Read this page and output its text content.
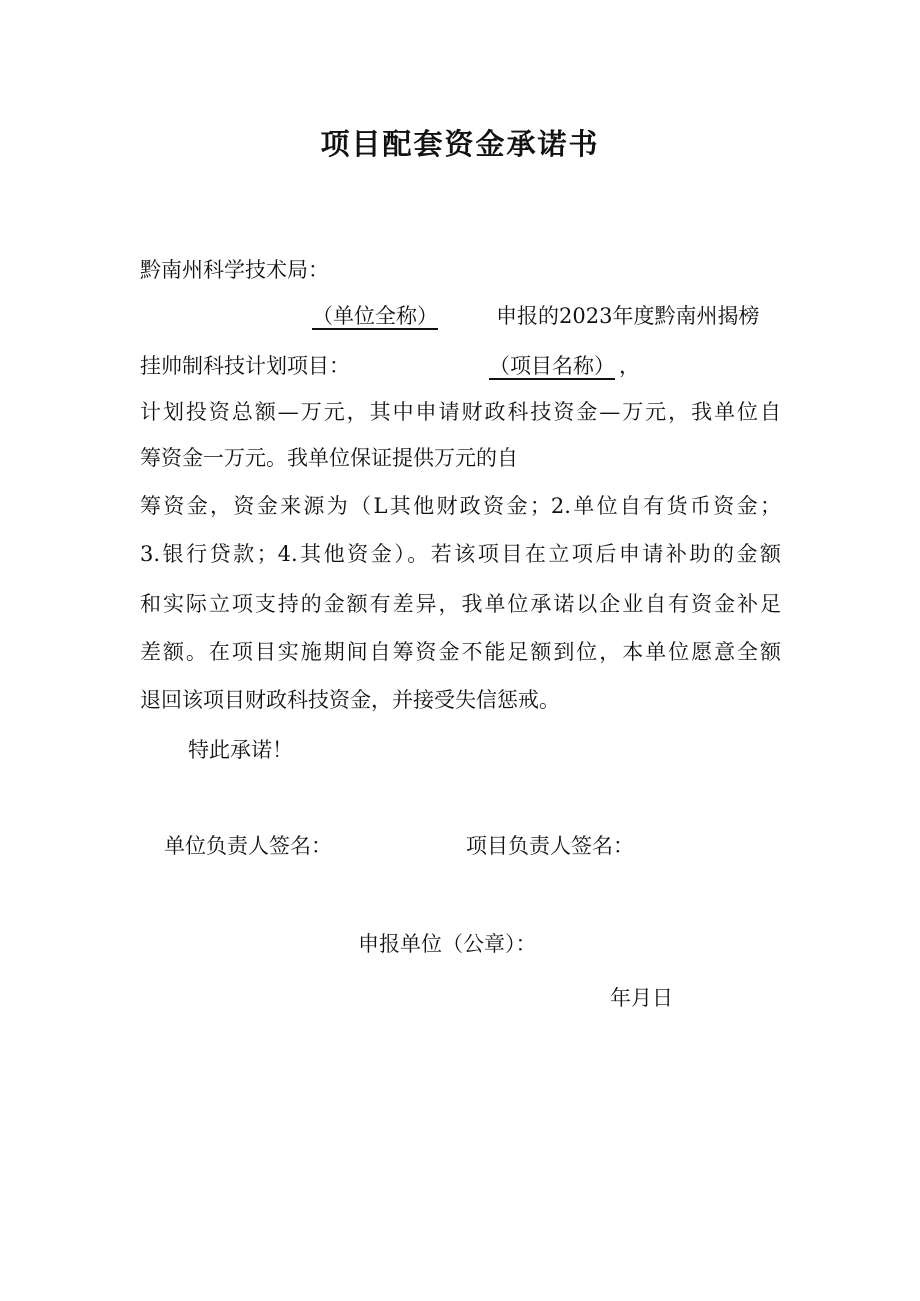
项目配套资金承诺书
黔南州科学技术局：
（单位全称）	申报的2023年度黔南州揭榜
挂帅制科技计划项目：	（项目名称） ，
计划投资总额—万元，其中申请财政科技资金—万元，我单位自
筹资金一万元。我单位保证提供万元的自
筹资金，资金来源为（L其他财政资金；2.单位自有货币资金；
3.银行贷款；4.其他资金）。若该项目在立项后申请补助的金额
和实际立项支持的金额有差异，我单位承诺以企业自有资金补足
差额。在项目实施期间自筹资金不能足额到位，本单位愿意全额
退回该项目财政科技资金，并接受失信惩戒。
特此承诺！
单位负责人签名：	项目负责人签名：
申报单位（公章）：
年月日
